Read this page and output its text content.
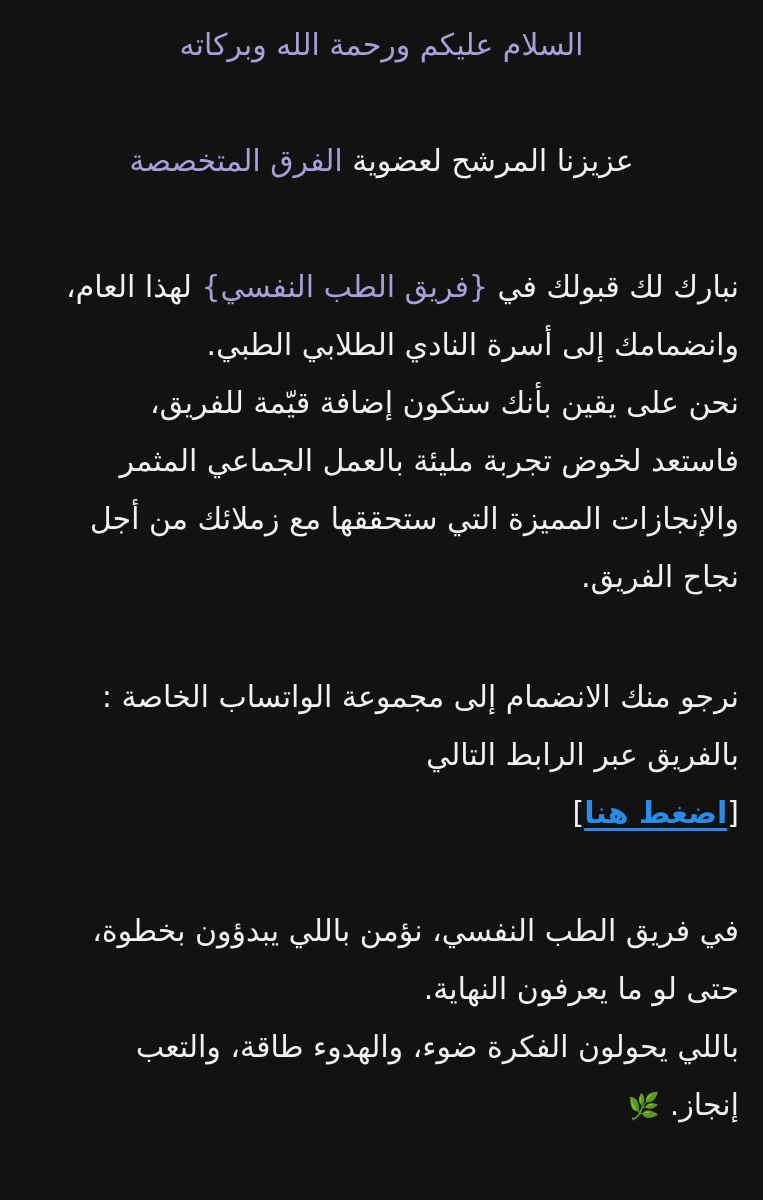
السلام عليكم ورحمة الله وبركاته
عزيزنا المرشح لعضوية الفرق المتخصصة
نبارك لك قبولك في {فريق الطب النفسي} لهذا العام،
وانضمامك إلى أسرة النادي الطلابي الطبي.
نحن على يقين بأنك ستكون إضافة قيّمة للفريق،
فاستعد لخوض تجربة مليئة بالعمل الجماعي المثمر
والإنجازات المميزة التي ستحققها مع زملائك من أجل
نجاح الفريق.
نرجو منك الانضمام إلى مجموعة الواتساب الخاصة :
بالفريق عبر الرابط التالي
[اضغط هنا]
في فريق الطب النفسي، نؤمن باللي يبدؤون بخطوة،
حتى لو ما يعرفون النهاية.
باللي يحولون الفكرة ضوء، والهدوء طاقة، والتعب
إنجاز. 🌿
